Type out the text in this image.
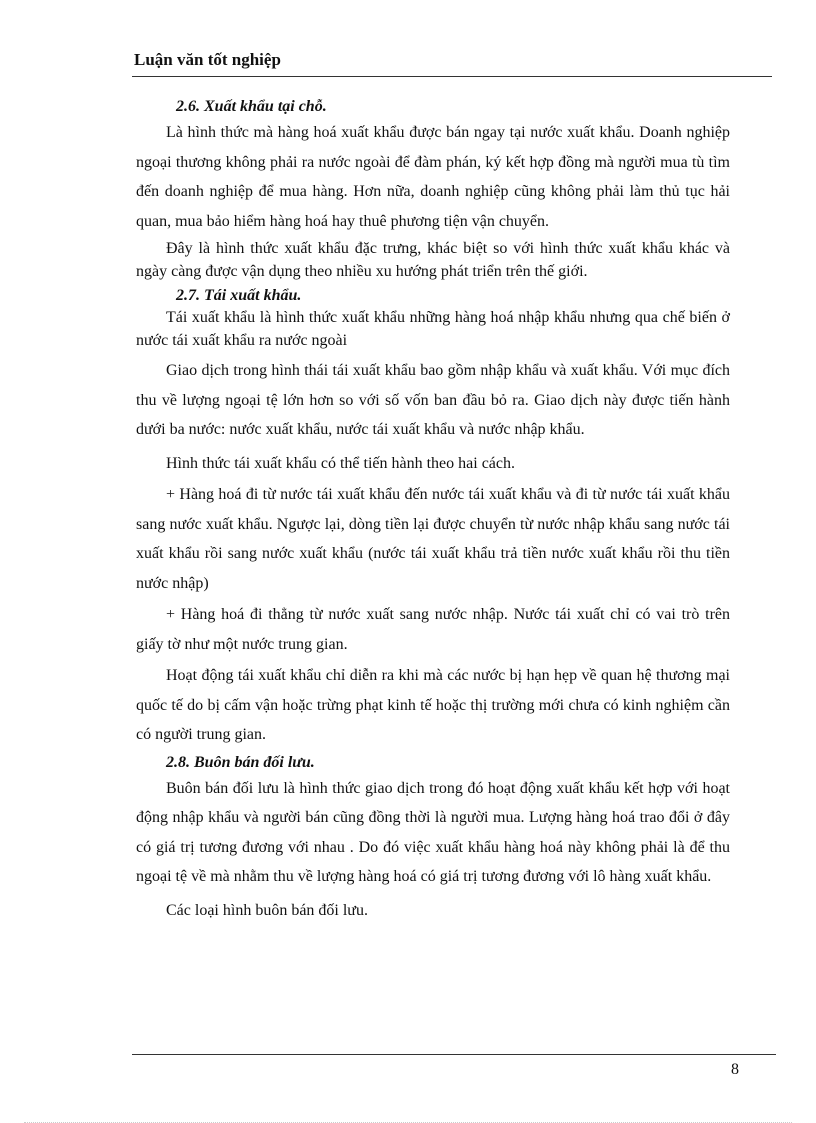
Luận văn tốt nghiệp

2.6. Xuất khẩu tại chỗ.

Là hình thức mà hàng hoá xuất khẩu được bán ngay tại nước xuất khẩu. Doanh nghiệp ngoại thương không phải ra nước ngoài để đàm phán, ký kết hợp đồng mà người mua tù tìm đến doanh nghiệp để mua hàng. Hơn nữa, doanh nghiệp cũng không phải làm thủ tục hải quan, mua bảo hiểm hàng hoá hay thuê phương tiện vận chuyển.

Đây là hình thức xuất khẩu đặc trưng, khác biệt so với hình thức xuất khẩu khác và ngày càng được vận dụng theo nhiều xu hướng phát triển trên thế giới.

2.7. Tái xuất khẩu.

Tái xuất khẩu là hình thức xuất khẩu những hàng hoá nhập khẩu nhưng qua chế biến ở nước tái xuất khẩu ra nước ngoài

Giao dịch trong hình thái tái xuất khẩu bao gồm nhập khẩu và xuất khẩu. Với mục đích thu về lượng ngoại tệ lớn hơn so với số vốn ban đầu bỏ ra. Giao dịch này được tiến hành dưới ba nước: nước xuất khẩu, nước tái xuất khẩu và nước nhập khẩu.

Hình thức tái xuất khẩu có thể tiến hành theo hai cách.

+ Hàng hoá đi từ nước tái xuất khẩu đến nước tái xuất khẩu và đi từ nước tái xuất khẩu sang nước xuất khẩu. Ngược lại, dòng tiền lại được chuyển từ nước nhập khẩu sang nước tái xuất khẩu rồi sang nước xuất khẩu (nước tái xuất khẩu trả tiền nước xuất khẩu rồi thu tiền nước nhập)

+ Hàng hoá đi thẳng từ nước xuất sang nước nhập. Nước tái xuất chỉ có vai trò trên giấy tờ như một nước trung gian.

Hoạt động tái xuất khẩu chỉ diễn ra khi mà các nước bị hạn hẹp về quan hệ thương mại quốc tế do bị cấm vận hoặc trừng phạt kinh tế hoặc thị trường mới chưa có kinh nghiệm cần có người trung gian.

2.8. Buôn bán đối lưu.

Buôn bán đối lưu là hình thức giao dịch trong đó hoạt động xuất khẩu kết hợp với hoạt động nhập khẩu và người bán cũng đồng thời là người mua. Lượng hàng hoá trao đổi ở đây có giá trị tương đương với nhau . Do đó việc xuất khẩu hàng hoá này không phải là để thu ngoại tệ về mà nhằm thu về lượng hàng hoá có giá trị tương đương với lô hàng xuất khẩu.

Các loại hình buôn bán đối lưu.

8
